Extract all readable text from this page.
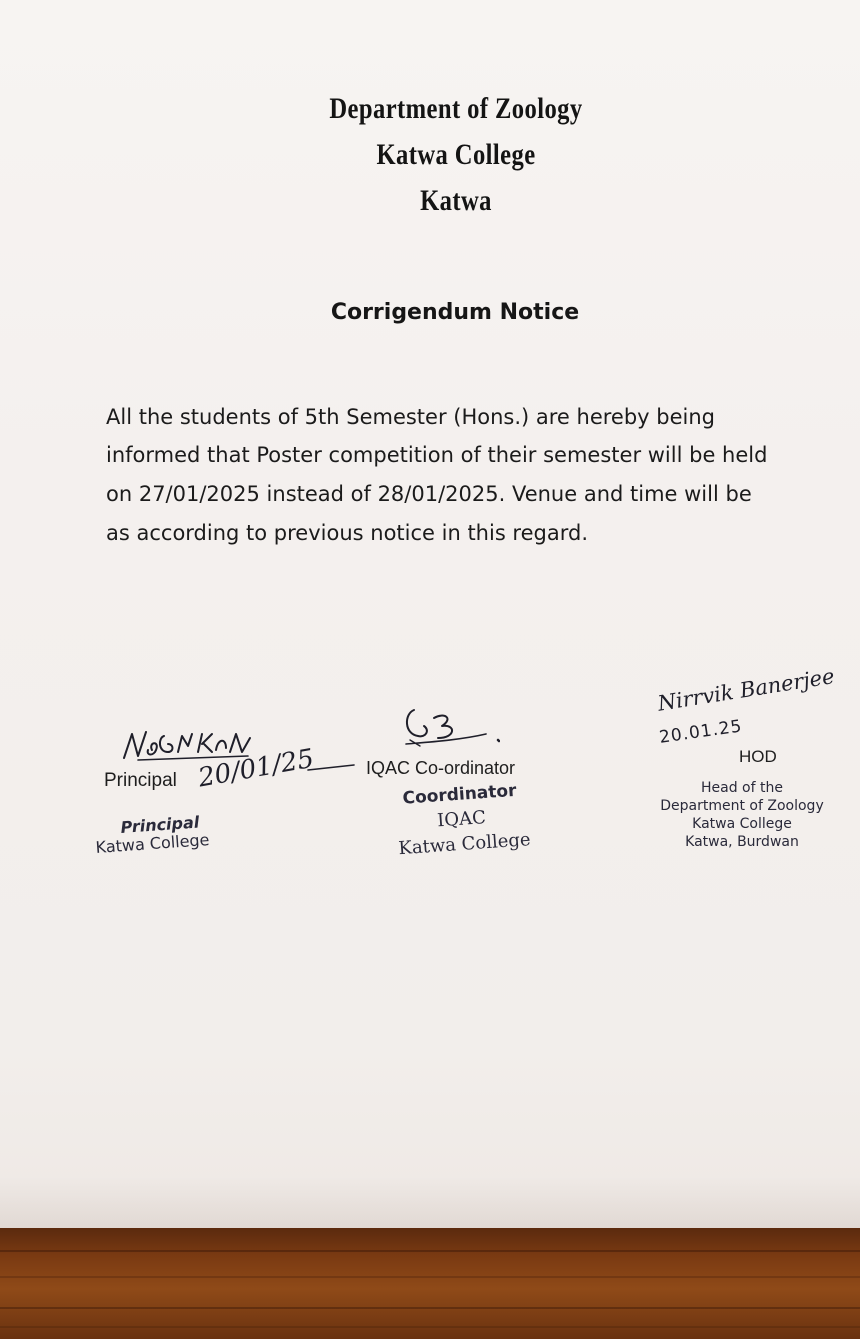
Department of Zoology
Katwa College
Katwa
Corrigendum Notice
All the students of 5th Semester (Hons.) are hereby being
informed that Poster competition of their semester will be held
on 27/01/2025 instead of 28/01/2025. Venue and time will be
as according to previous notice in this regard.
Principal 20/01/25
Principal
Katwa College
IQAC Co-ordinator
Coordinator
IQAC
Katwa College
Nirrvik Banerjee
20.01.25
HOD
Head of the
Department of Zoology
Katwa College
Katwa, Burdwan
